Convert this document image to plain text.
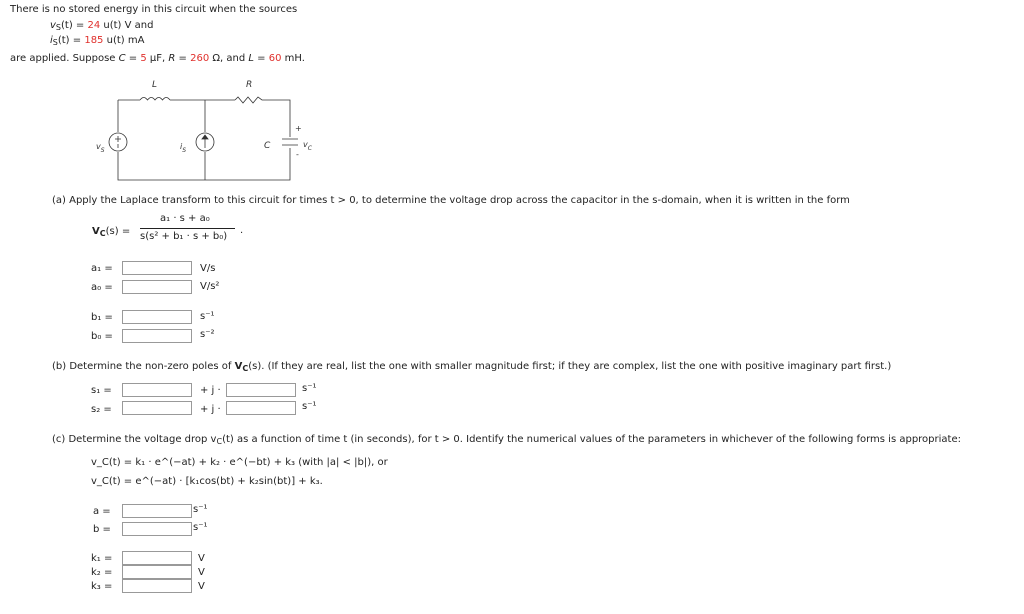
There is no stored energy in this circuit when the sources
$v_S(t) = 24$ u(t) V and
$i_S(t) = 185$ u(t) mA
are applied. Suppose C = 5 μF, R = 260 Ω, and L = 60 mH.
L	R
$v_S$	$i_S$	C
+
-
$v_C$
(a) Apply the Laplace transform to this circuit for times t > 0, to determine the voltage drop across the capacitor in the s-domain, when it is written in the form
$V_C(s)$ =
a₁ · s + a₀
s(s² + b₁ · s + b₀)
.
a₁ =	V/s
a₀ =	V/s²
b₁ =	s⁻¹
b₀ =	s⁻²
(b) Determine the non-zero poles of $V_C(s)$. (If they are real, list the one with smaller magnitude first; if they are complex, list the one with positive imaginary part first.)
s₁ =	+ j ·	s⁻¹
s₂ =	+ j ·	s⁻¹
(c) Determine the voltage drop $v_C(t)$ as a function of time t (in seconds), for t > 0. Identify the numerical values of the parameters in whichever of the following forms is appropriate:
v_C(t) = k₁ · e^(−at) + k₂ · e^(−bt) + k₃ (with |a| < |b|), or
v_C(t) = e^(−at) · [k₁cos(bt) + k₂sin(bt)] + k₃.
a =	s⁻¹
b =	s⁻¹
k₁ =	V
k₂ =	V
k₃ =	V
